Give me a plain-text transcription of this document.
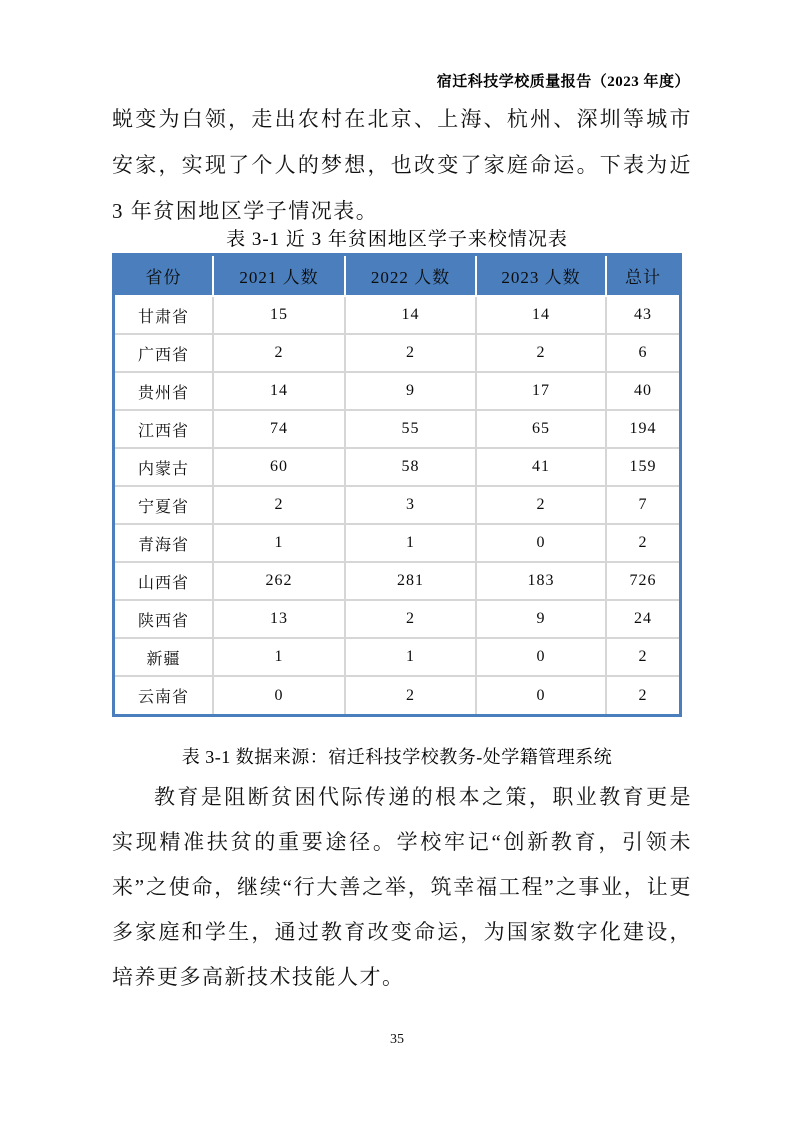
宿迁科技学校质量报告（2023 年度）

蜕变为白领，走出农村在北京、上海、杭州、深圳等城市安家，实现了个人的梦想，也改变了家庭命运。下表为近 3 年贫困地区学子情况表。

表 3-1 近 3 年贫困地区学子来校情况表
省份	2021 人数	2022 人数	2023 人数	总计
甘肃省	15	14	14	43
广西省	2	2	2	6
贵州省	14	9	17	40
江西省	74	55	65	194
内蒙古	60	58	41	159
宁夏省	2	3	2	7
青海省	1	1	0	2
山西省	262	281	183	726
陕西省	13	2	9	24
新疆	1	1	0	2
云南省	0	2	0	2
表 3-1 数据来源：宿迁科技学校教务-处学籍管理系统

教育是阻断贫困代际传递的根本之策，职业教育更是实现精准扶贫的重要途径。学校牢记“创新教育，引领未来”之使命，继续“行大善之举，筑幸福工程”之事业，让更多家庭和学生，通过教育改变命运，为国家数字化建设，培养更多高新技术技能人才。

35
